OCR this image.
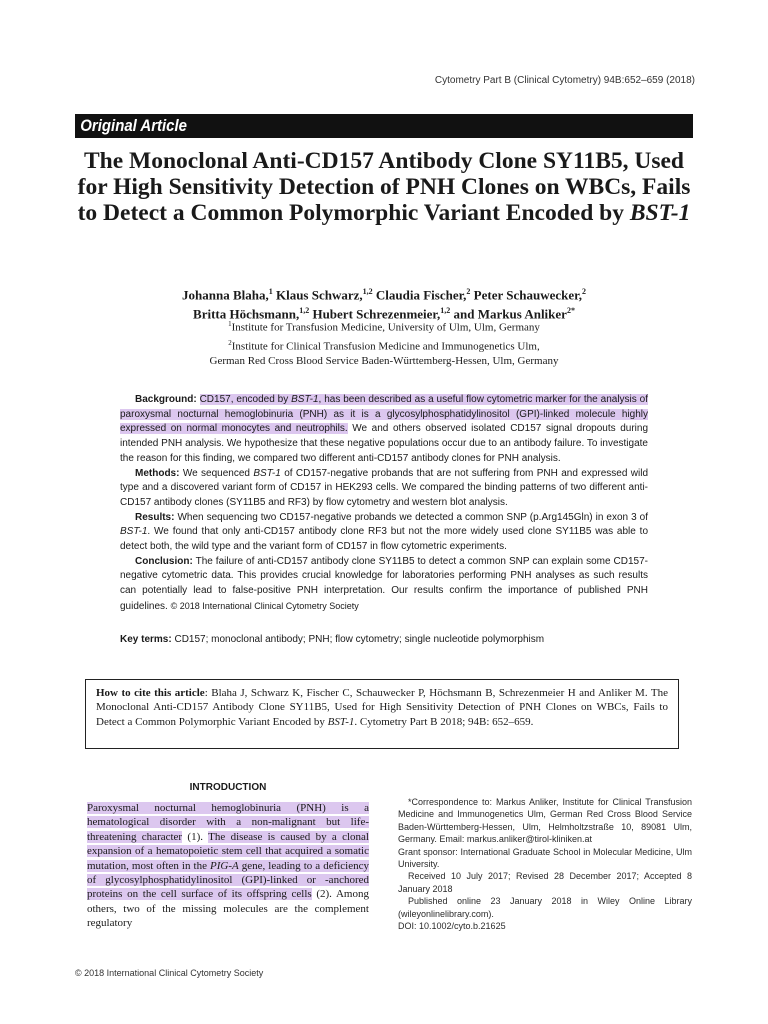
Cytometry Part B (Clinical Cytometry) 94B:652–659 (2018)
Original Article
The Monoclonal Anti-CD157 Antibody Clone SY11B5, Used for High Sensitivity Detection of PNH Clones on WBCs, Fails to Detect a Common Polymorphic Variant Encoded by BST-1
Johanna Blaha,$^1$ Klaus Schwarz,$^{1,2}$ Claudia Fischer,$^2$ Peter Schauwecker,$^2$
Britta Höchsmann,$^{1,2}$ Hubert Schrezenmeier,$^{1,2}$ and Markus Anliker$^{2*}$
$^1$Institute for Transfusion Medicine, University of Ulm, Ulm, Germany
$^2$Institute for Clinical Transfusion Medicine and Immunogenetics Ulm,
German Red Cross Blood Service Baden-Württemberg-Hessen, Ulm, Germany

Background: CD157, encoded by BST-1, has been described as a useful flow cytometric marker for the analysis of paroxysmal nocturnal hemoglobinuria (PNH) as it is a glycosylphosphatidylinositol (GPI)-linked molecule highly expressed on normal monocytes and neutrophils. We and others observed isolated CD157 signal dropouts during intended PNH analysis. We hypothesize that these negative populations occur due to an antibody failure. To investigate the reason for this finding, we compared two different anti-CD157 antibody clones for PNH analysis.

Methods: We sequenced BST-1 of CD157-negative probands that are not suffering from PNH and expressed wild type and a discovered variant form of CD157 in HEK293 cells. We compared the binding patterns of two different anti-CD157 antibody clones (SY11B5 and RF3) by flow cytometry and western blot analysis.

Results: When sequencing two CD157-negative probands we detected a common SNP (p.Arg145Gln) in exon 3 of BST-1. We found that only anti-CD157 antibody clone RF3 but not the more widely used clone SY11B5 was able to detect both, the wild type and the variant form of CD157 in flow cytometric experiments.

Conclusion: The failure of anti-CD157 antibody clone SY11B5 to detect a common SNP can explain some CD157-negative cytometric data. This provides crucial knowledge for laboratories performing PNH analyses as such results can potentially lead to false-positive PNH interpretation. Our results confirm the importance of published PNH guidelines. © 2018 International Clinical Cytometry Society

Key terms: CD157; monoclonal antibody; PNH; flow cytometry; single nucleotide polymorphism
How to cite this article: Blaha J, Schwarz K, Fischer C, Schauwecker P, Höchsmann B, Schrezenmeier H and Anliker M. The Monoclonal Anti-CD157 Antibody Clone SY11B5, Used for High Sensitivity Detection of PNH Clones on WBCs, Fails to Detect a Common Polymorphic Variant Encoded by BST-1. Cytometry Part B 2018; 94B: 652–659.
INTRODUCTION

Paroxysmal nocturnal hemoglobinuria (PNH) is a hematological disorder with a non-malignant but life-threatening character (1). The disease is caused by a clonal expansion of a hematopoietic stem cell that acquired a somatic mutation, most often in the PIG-A gene, leading to a deficiency of glycosylphosphatidylinositol (GPI)-linked or -anchored proteins on the cell surface of its offspring cells (2). Among others, two of the missing molecules are the complement regulatory

*Correspondence to: Markus Anliker, Institute for Clinical Transfusion Medicine and Immunogenetics Ulm, German Red Cross Blood Service Baden-Württemberg-Hessen, Ulm, Helmholtzstraße 10, 89081 Ulm, Germany. Email: markus.anliker@tirol-kliniken.at

Grant sponsor: International Graduate School in Molecular Medicine, Ulm University.

Received 10 July 2017; Revised 28 December 2017; Accepted 8 January 2018

Published online 23 January 2018 in Wiley Online Library (wileyonlinelibrary.com).

DOI: 10.1002/cyto.b.21625

© 2018 International Clinical Cytometry Society
